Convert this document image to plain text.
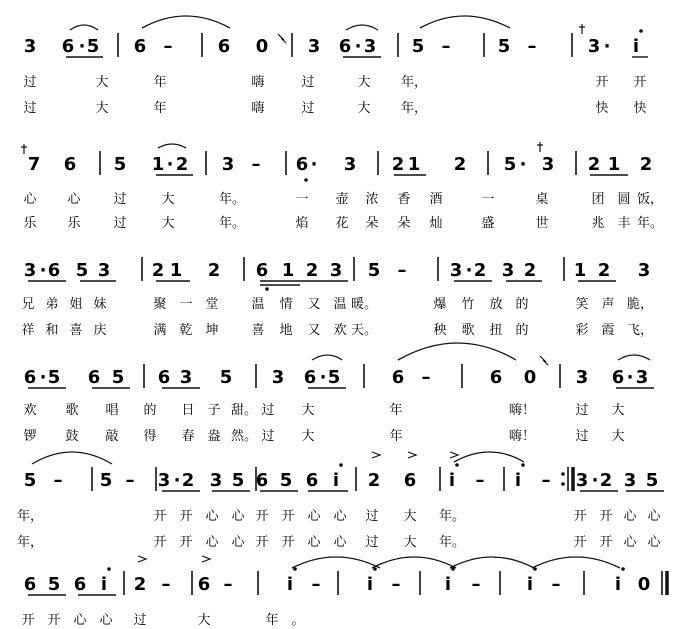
3 6 · 5 6 –	6 0 3 6 · 3 5 –	5 –	3 · i
7 6 5 1 · 2 3 – 6 · 3 2 1 2 5 · 3 2 1 2
3 · 6 5 3 2 1 2 6 1 2 3 5 – 3 · 2 3 2 1 2 3
6 · 5 6 5 6 3 5 3 6 · 5	6 –	6 0 3 6 · 3
5 – 5 – 3 · 2 3 5 6 5 6 i 2 6 i – i – 3 · 2 3 5
6 5 6 i 2 – 6 –	i –	i – i –	i –	i 0
过	大	年	嗨	过	大 年，	开 开
过	大	年	嗨	过	大 年，	快 快
心 心	过	大	年。	一 壶 浓 香 酒	一	桌	团 圆 饭，
乐 乐	过	大	年。	焰 花 朵 朵 灿	盛	世	兆 丰 年。
兄 弟 姐 妹	聚 一 堂	温 情 又 温 暖。	爆 竹 放 的	笑 声 脆，
祥 和 喜 庆	满 乾 坤	喜 地 又 欢 天。	秧 歌 扭 的	彩 霞 飞，
欢 歌 唱 的 日 子 甜。 过 大	年	嗨！	过 大
锣 鼓 敲 得 春 盎 然。 过 大	年	嗨！	过 大
年，	开 开 心 心 开 开 心 心 过 大 年。	开 开 心 心
年，	开 开 心 心 开 开 心 心 过 大 年。	开 开 心 心
开 开 心 心 过	大	年 。
